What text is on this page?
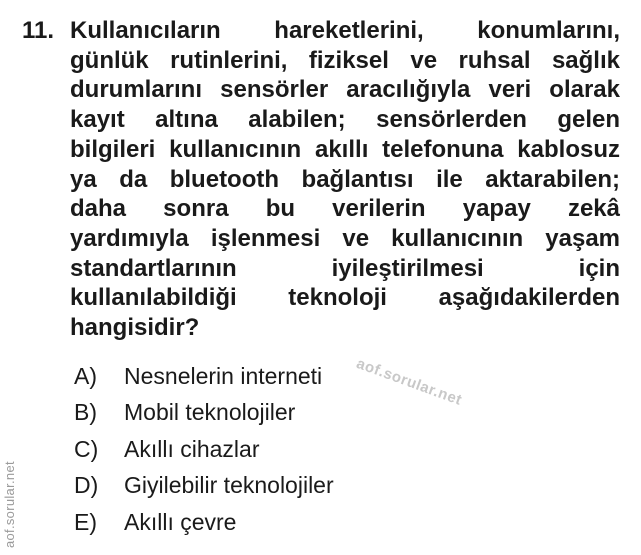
11. Kullanıcıların hareketlerini, konumlarını,
günlük rutinlerini, fiziksel ve ruhsal sağlık
durumlarını sensörler aracılığıyla veri olarak
kayıt altına alabilen; sensörlerden gelen
bilgileri kullanıcının akıllı telefonuna kablosuz
ya da bluetooth bağlantısı ile aktarabilen;
daha sonra bu verilerin yapay zekâ
yardımıyla işlenmesi ve kullanıcının yaşam
standartlarının iyileştirilmesi için
kullanılabildiği teknoloji aşağıdakilerden
hangisidir?
aof.sorular.net
A)	Nesnelerin interneti
B)	Mobil teknolojiler
C)	Akıllı cihazlar
D)	Giyilebilir teknolojiler
E)	Akıllı çevre
aof.sorular.net
